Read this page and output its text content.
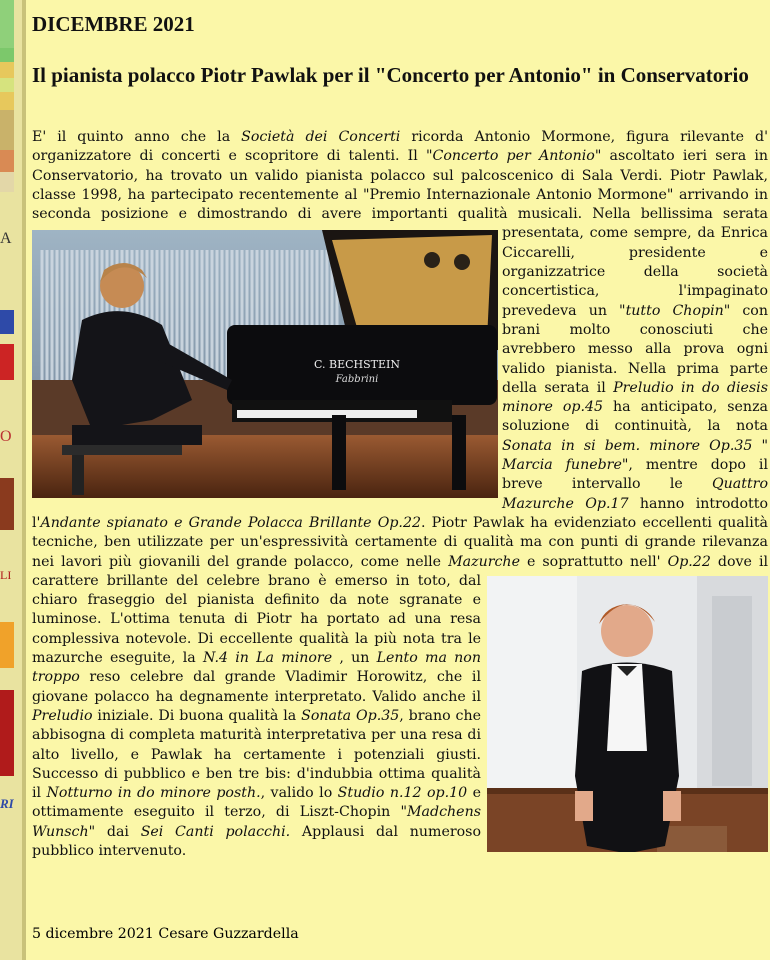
A
O
LI
RI
DICEMBRE 2021
Il pianista polacco Piotr Pawlak per il "Concerto per Antonio" in Conservatorio
E' il quinto anno che la Società dei Concerti ricorda Antonio Mormone, figura rilevante d' organizzatore di concerti e scopritore di talenti. Il "Concerto per Antonio" ascoltato ieri sera in Conservatorio, ha trovato un valido pianista polacco sul palcoscenico di Sala Verdi. Piotr Pawlak, classe 1998, ha partecipato recentemente al "Premio Internazionale Antonio Mormone" arrivando in seconda posizione e dimostrando di avere importanti qualità
C. BECHSTEIN
Fabbrini
musicali. Nella bellissima serata presentata, come sempre, da Enrica Ciccarelli, presidente e organizzatrice della società concertistica, l'impaginato prevedeva un "tutto Chopin" con brani molto conosciuti che avrebbero messo alla prova ogni valido pianista. Nella prima parte della serata il Preludio in do diesis minore op.45 ha anticipato, senza soluzione di continuità, la nota Sonata in si bem. minore Op.35 " Marcia funebre", mentre dopo il breve intervallo le Quattro Mazurche Op.17 hanno introdotto l'Andante spianato e Grande Polacca Brillante Op.22. Piotr Pawlak ha evidenziato eccellenti qualità tecniche, ben utilizzate per un'espressività certamente di qualità ma con punti di grande rilevanza nei lavori più giovanili del grande polacco, come nelle Mazurche e soprattutto nell' Op.22 dove
il carattere brillante del celebre brano è emerso in toto, dal chiaro fraseggio del pianista definito da note sgranate e luminose. L'ottima tenuta di Piotr ha portato ad una resa complessiva notevole. Di eccellente qualità la più nota tra le mazurche eseguite, la N.4 in La minore , un Lento ma non troppo reso celebre dal grande Vladimir Horowitz, che il giovane polacco ha degnamente interpretato. Valido anche il Preludio iniziale. Di buona qualità la Sonata Op.35, brano che abbisogna di completa maturità interpretativa per una resa di alto livello, e Pawlak ha certamente i potenziali giusti. Successo di pubblico e ben tre bis: d'indubbia ottima qualità il Notturno in do minore posth., valido lo Studio n.12 op.10 e ottimamente eseguito il terzo, di Liszt-Chopin "Madchens Wunsch" dai Sei Canti polacchi. Applausi dal numeroso pubblico intervenuto.
5 dicembre 2021 Cesare Guzzardella
